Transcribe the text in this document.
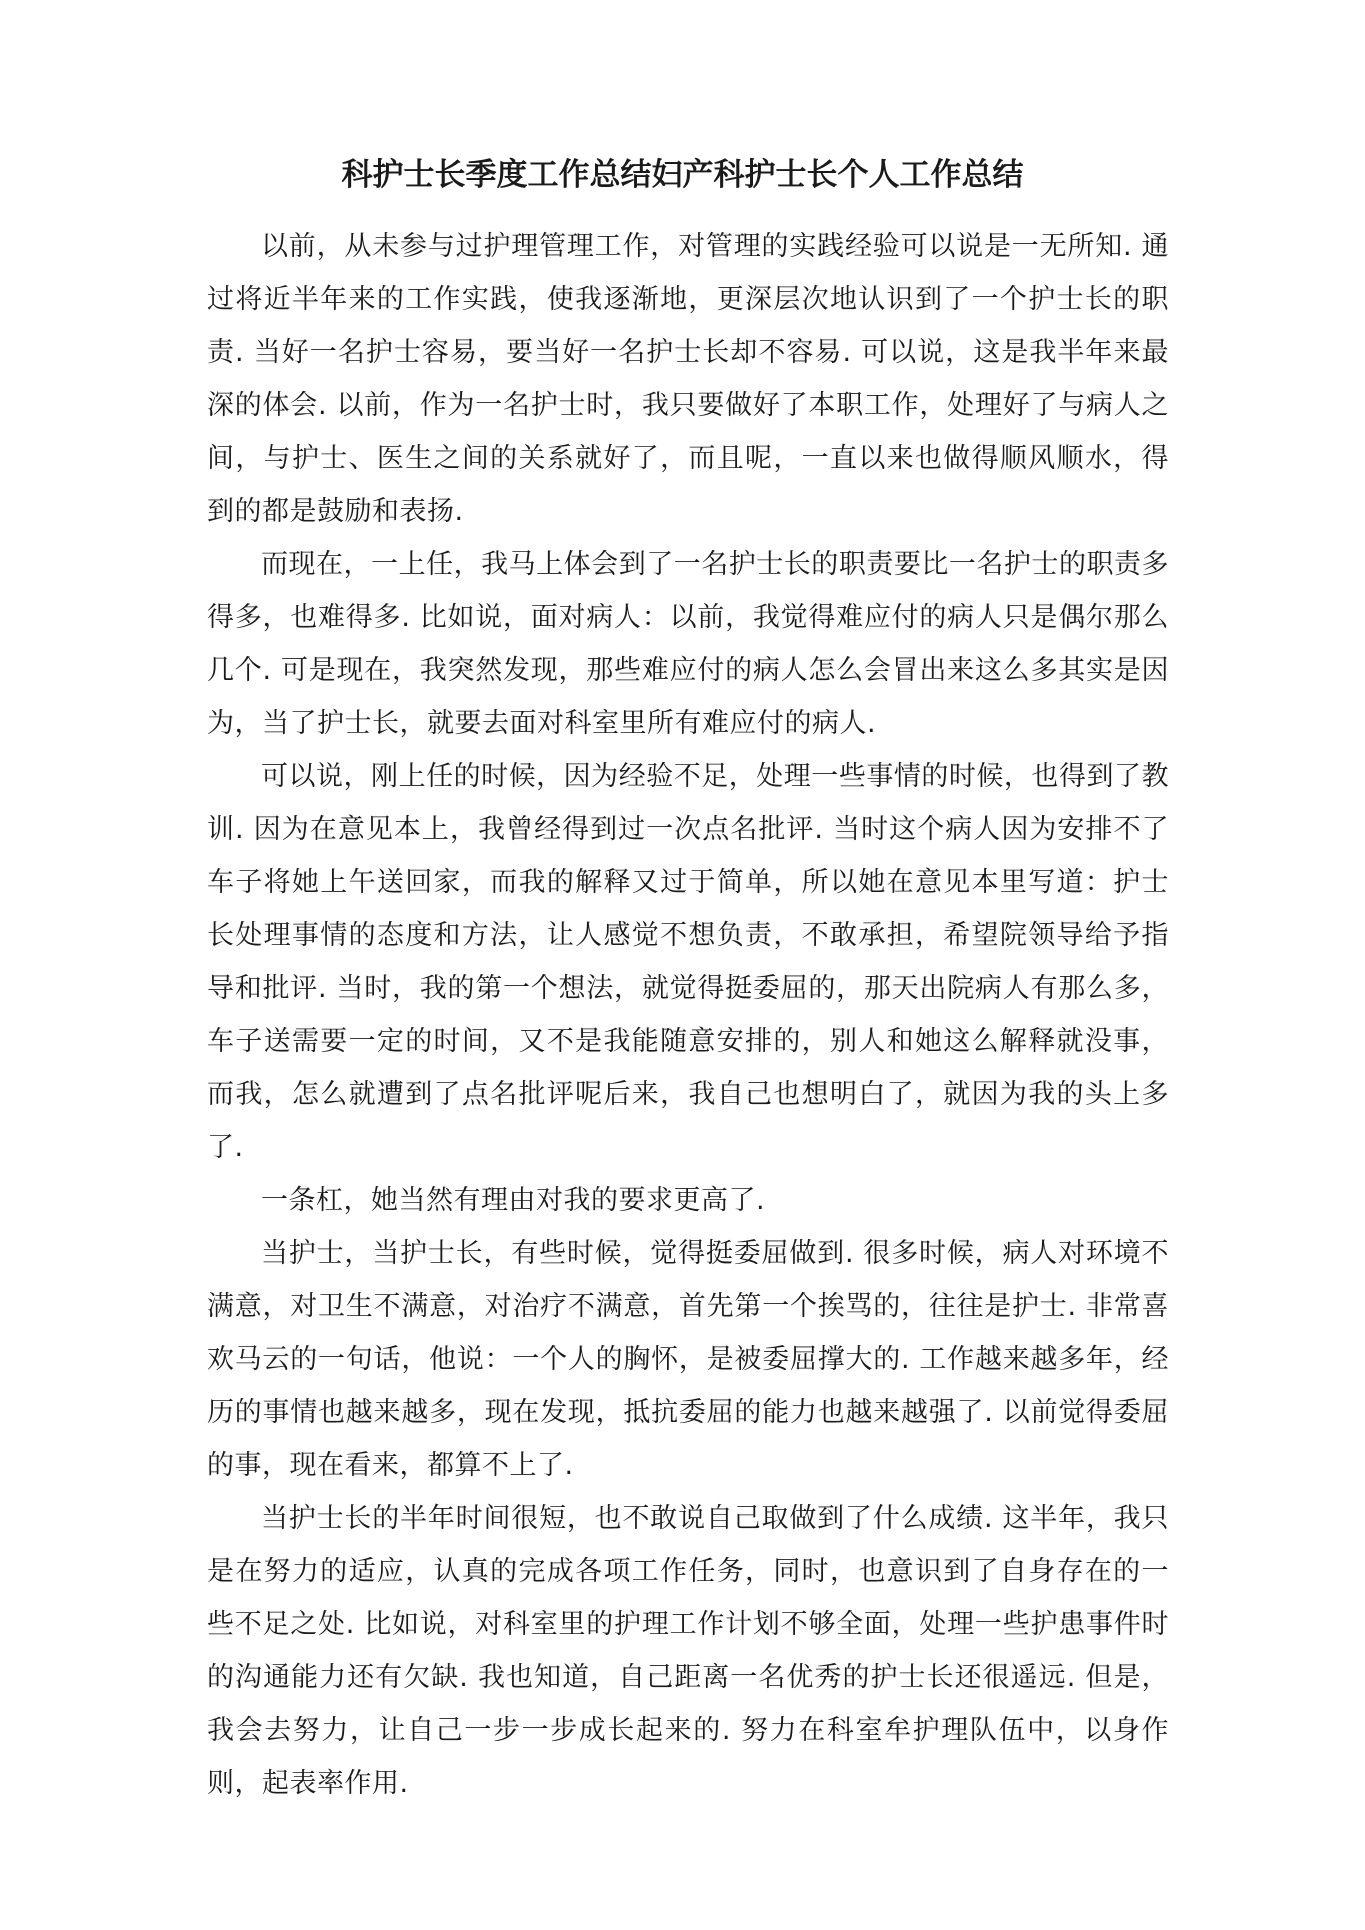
科护士长季度工作总结妇产科护士长个人工作总结

以前，从未参与过护理管理工作，对管理的实践经验可以说是一无所知. 通过将近半年来的工作实践，使我逐渐地，更深层次地认识到了一个护士长的职责. 当好一名护士容易，要当好一名护士长却不容易. 可以说，这是我半年来最深的体会. 以前，作为一名护士时，我只要做好了本职工作，处理好了与病人之间，与护士、医生之间的关系就好了，而且呢，一直以来也做得顺风顺水，得到的都是鼓励和表扬.

而现在，一上任，我马上体会到了一名护士长的职责要比一名护士的职责多得多，也难得多. 比如说，面对病人：以前，我觉得难应付的病人只是偶尔那么几个. 可是现在，我突然发现，那些难应付的病人怎么会冒出来这么多其实是因为，当了护士长，就要去面对科室里所有难应付的病人.

可以说，刚上任的时候，因为经验不足，处理一些事情的时候，也得到了教训. 因为在意见本上，我曾经得到过一次点名批评. 当时这个病人因为安排不了车子将她上午送回家，而我的解释又过于简单，所以她在意见本里写道：护士长处理事情的态度和方法，让人感觉不想负责，不敢承担，希望院领导给予指导和批评. 当时，我的第一个想法，就觉得挺委屈的，那天出院病人有那么多，车子送需要一定的时间，又不是我能随意安排的，别人和她这么解释就没事，而我，怎么就遭到了点名批评呢后来，我自己也想明白了，就因为我的头上多了.

一条杠，她当然有理由对我的要求更高了.

当护士，当护士长，有些时候，觉得挺委屈做到. 很多时候，病人对环境不满意，对卫生不满意，对治疗不满意，首先第一个挨骂的，往往是护士. 非常喜欢马云的一句话，他说：一个人的胸怀，是被委屈撑大的. 工作越来越多年，经历的事情也越来越多，现在发现，抵抗委屈的能力也越来越强了. 以前觉得委屈的事，现在看来，都算不上了.

当护士长的半年时间很短，也不敢说自己取做到了什么成绩. 这半年，我只是在努力的适应，认真的完成各项工作任务，同时，也意识到了自身存在的一些不足之处. 比如说，对科室里的护理工作计划不够全面，处理一些护患事件时的沟通能力还有欠缺. 我也知道，自己距离一名优秀的护士长还很遥远. 但是，我会去努力，让自己一步一步成长起来的. 努力在科室牟护理队伍中，以身作则，起表率作用.
